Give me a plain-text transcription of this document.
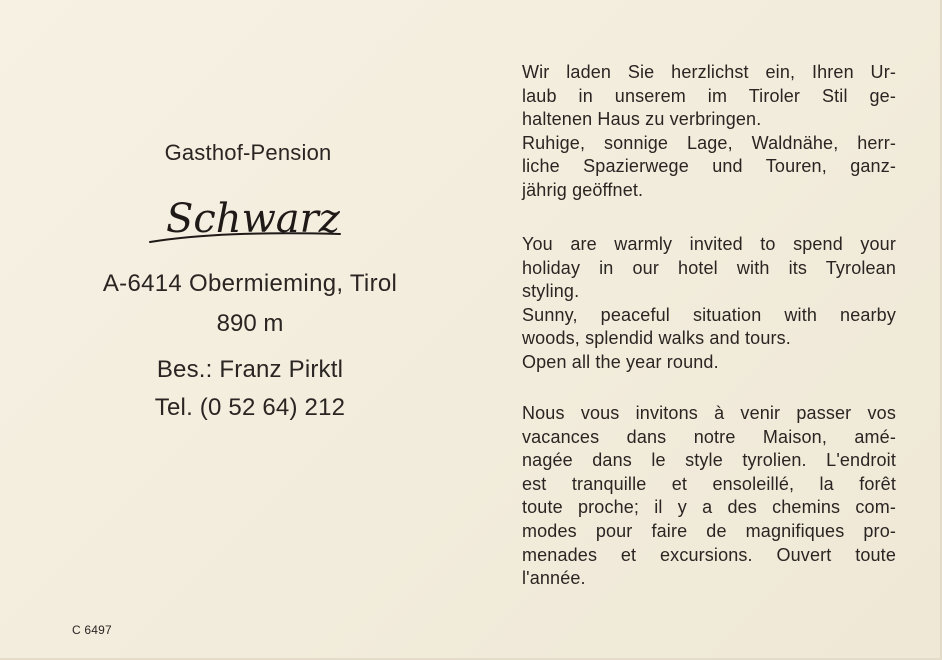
Gasthof-Pension
Schwarz
A-6414 Obermieming, Tirol
890 m
Bes.: Franz Pirktl
Tel. (0 52 64) 212
C 6497
Wir laden Sie herzlichst ein, Ihren Ur-
laub in unserem im Tiroler Stil ge-
haltenen Haus zu verbringen.
Ruhige, sonnige Lage, Waldnähe, herr-
liche Spazierwege und Touren, ganz-
jährig geöffnet.
You are warmly invited to spend your
holiday in our hotel with its Tyrolean
styling.
Sunny, peaceful situation with nearby
woods, splendid walks and tours.
Open all the year round.
Nous vous invitons à venir passer vos
vacances dans notre Maison, amé-
nagée dans le style tyrolien. L'endroit
est tranquille et ensoleillé, la forêt
toute proche; il y a des chemins com-
modes pour faire de magnifiques pro-
menades et excursions. Ouvert toute
l'année.
